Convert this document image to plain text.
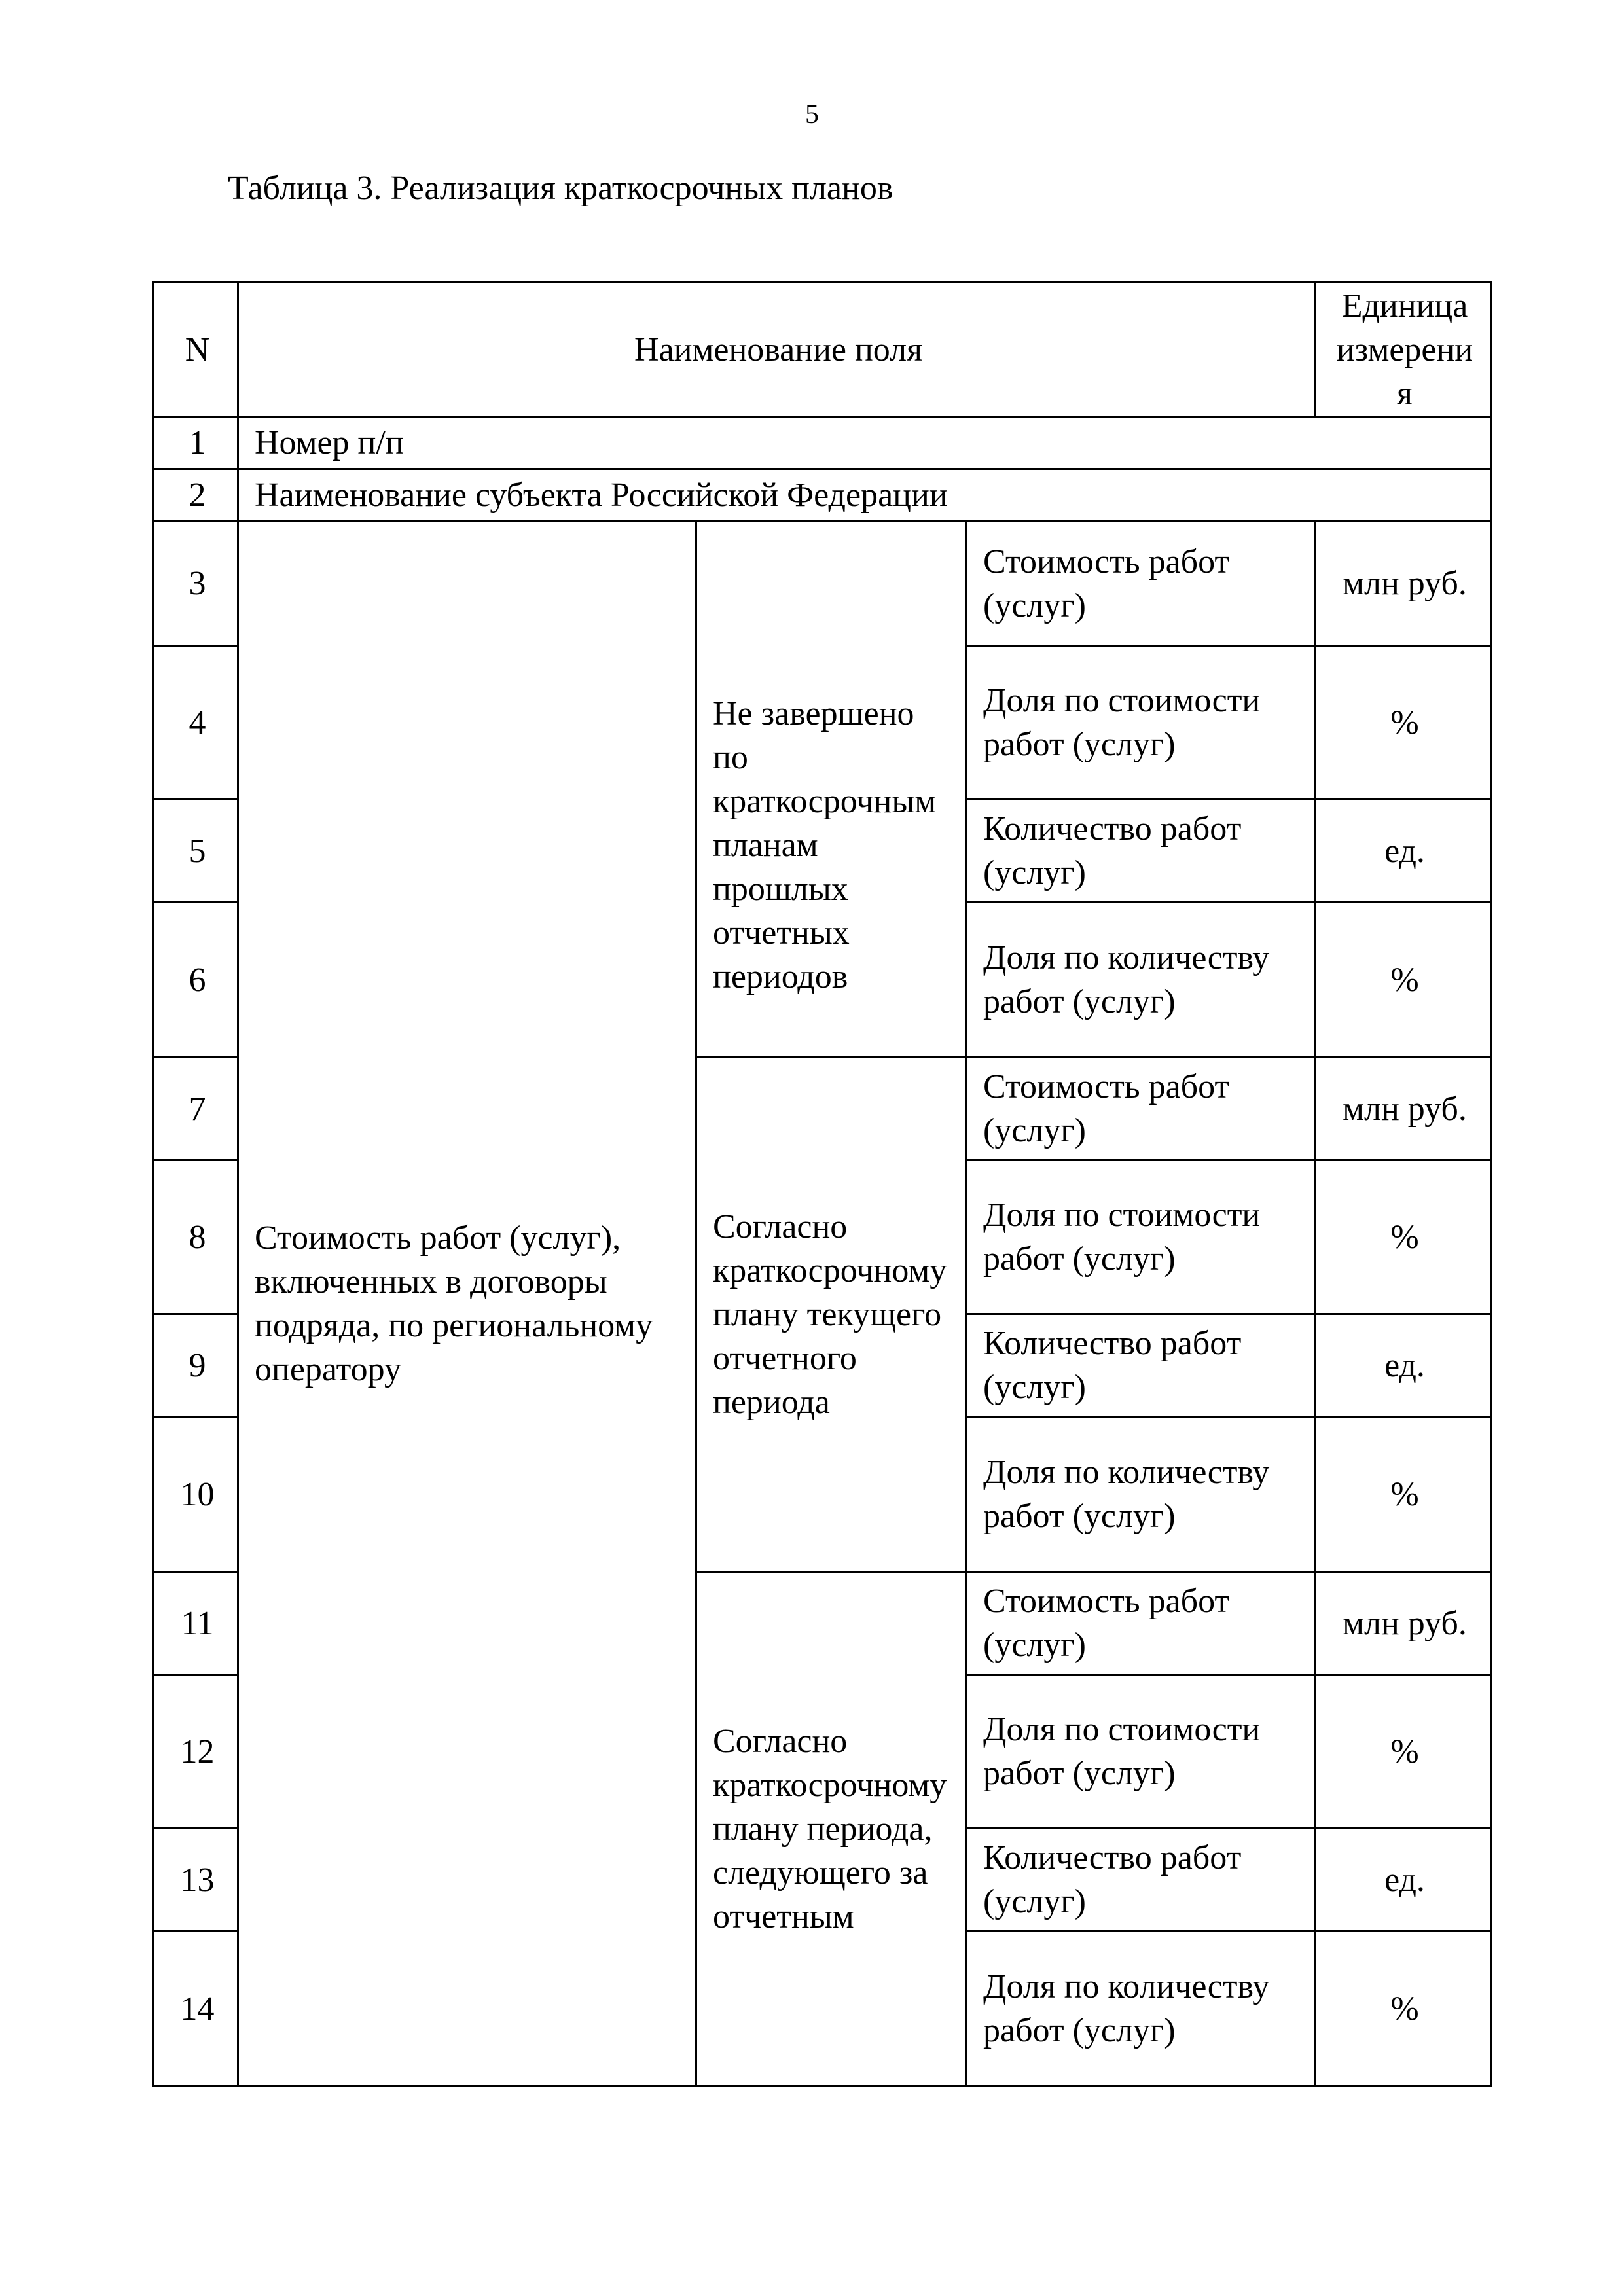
5
Таблица 3. Реализация краткосрочных планов
N	Наименование поля			Единица измерения
1	Номер п/п			
2	Наименование субъекта Российской Федерации			
3	Стоимость работ (услуг), включенных в договоры подряда, по региональному оператору	Не завершено по краткосрочным планам прошлых отчетных периодов	Стоимость работ (услуг)	млн руб.
4			Доля по стоимости работ (услуг)	%
5			Количество работ (услуг)	ед.
6			Доля по количеству работ (услуг)	%
7		Согласно краткосрочному плану текущего отчетного периода	Стоимость работ (услуг)	млн руб.
8			Доля по стоимости работ (услуг)	%
9			Количество работ (услуг)	ед.
10			Доля по количеству работ (услуг)	%
11		Согласно краткосрочному плану периода, следующего за отчетным	Стоимость работ (услуг)	млн руб.
12			Доля по стоимости работ (услуг)	%
13			Количество работ (услуг)	ед.
14			Доля по количеству работ (услуг)	%
